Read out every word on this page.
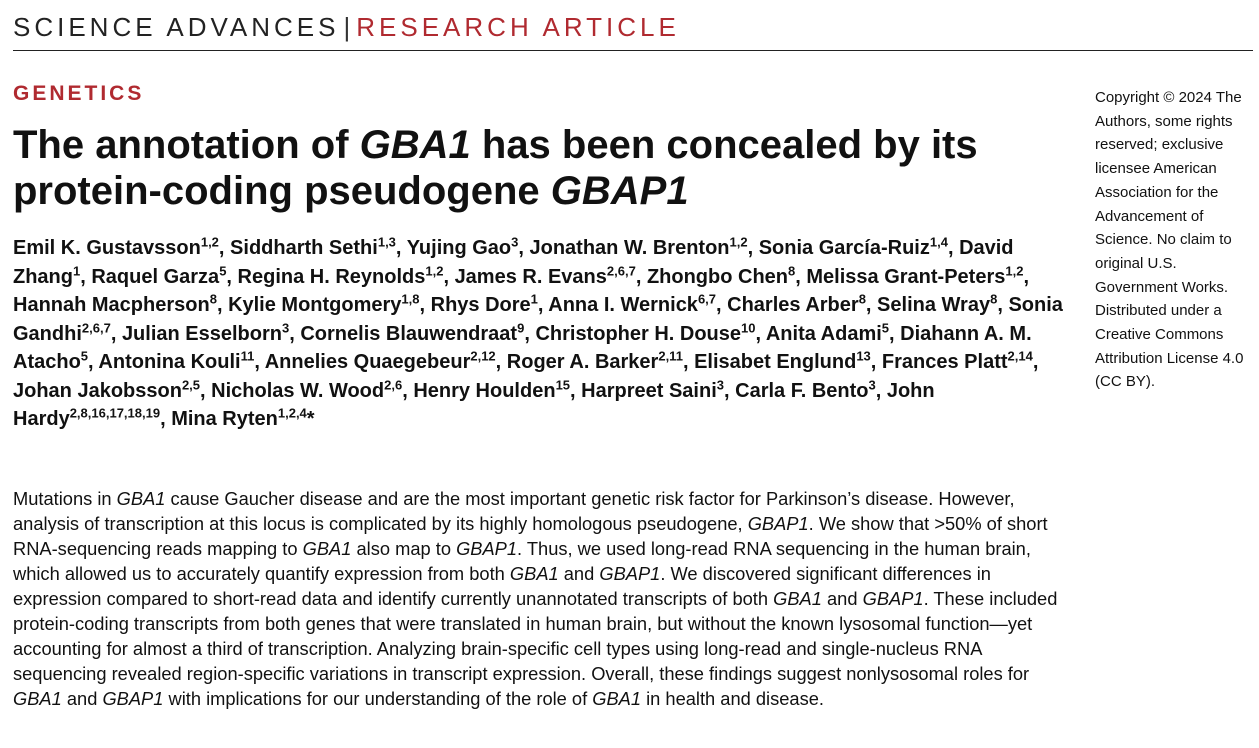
SCIENCE ADVANCES | RESEARCH ARTICLE
GENETICS
The annotation of GBA1 has been concealed by its protein-coding pseudogene GBAP1
Emil K. Gustavsson$^{1,2}$, Siddharth Sethi$^{1,3}$, Yujing Gao$^3$, Jonathan W. Brenton$^{1,2}$, Sonia García-Ruiz$^{1,4}$, David Zhang$^1$, Raquel Garza$^5$, Regina H. Reynolds$^{1,2}$, James R. Evans$^{2,6,7}$, Zhongbo Chen$^8$, Melissa Grant-Peters$^{1,2}$, Hannah Macpherson$^8$, Kylie Montgomery$^{1,8}$, Rhys Dore$^1$, Anna I. Wernick$^{6,7}$, Charles Arber$^8$, Selina Wray$^8$, Sonia Gandhi$^{2,6,7}$, Julian Esselborn$^3$, Cornelis Blauwendraat$^9$, Christopher H. Douse$^{10}$, Anita Adami$^5$, Diahann A. M. Atacho$^5$, Antonina Kouli$^{11}$, Annelies Quaegebeur$^{2,12}$, Roger A. Barker$^{2,11}$, Elisabet Englund$^{13}$, Frances Platt$^{2,14}$, Johan Jakobsson$^{2,5}$, Nicholas W. Wood$^{2,6}$, Henry Houlden$^{15}$, Harpreet Saini$^3$, Carla F. Bento$^3$, John Hardy$^{2,8,16,17,18,19}$, Mina Ryten$^{1,2,4}$*
Mutations in GBA1 cause Gaucher disease and are the most important genetic risk factor for Parkinson’s disease. However, analysis of transcription at this locus is complicated by its highly homologous pseudogene, GBAP1. We show that >50% of short RNA-sequencing reads mapping to GBA1 also map to GBAP1. Thus, we used long-read RNA sequencing in the human brain, which allowed us to accurately quantify expression from both GBA1 and GBAP1. We discovered significant differences in expression compared to short-read data and identify currently unannotated transcripts of both GBA1 and GBAP1. These included protein-coding transcripts from both genes that were translated in human brain, but without the known lysosomal function—yet accounting for almost a third of transcription. Analyzing brain-specific cell types using long-read and single-nucleus RNA sequencing revealed region-specific variations in transcript expression. Overall, these findings suggest nonlysosomal roles for GBA1 and GBAP1 with implications for our understanding of the role of GBA1 in health and disease.
Copyright © 2024 The Authors, some rights reserved; exclusive licensee American Association for the Advancement of Science. No claim to original U.S. Government Works. Distributed under a Creative Commons Attribution License 4.0 (CC BY).
